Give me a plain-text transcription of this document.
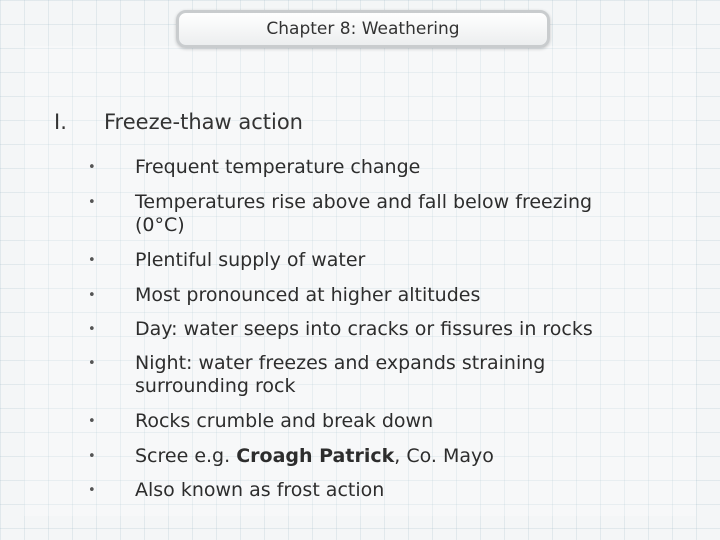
Chapter 8: Weathering
I. Freeze-thaw action
• Frequent temperature change
• Temperatures rise above and fall below freezing (0°C)
• Plentiful supply of water
• Most pronounced at higher altitudes
• Day: water seeps into cracks or fissures in rocks
• Night: water freezes and expands straining surrounding rock
• Rocks crumble and break down
• Scree e.g. Croagh Patrick, Co. Mayo
• Also known as frost action
